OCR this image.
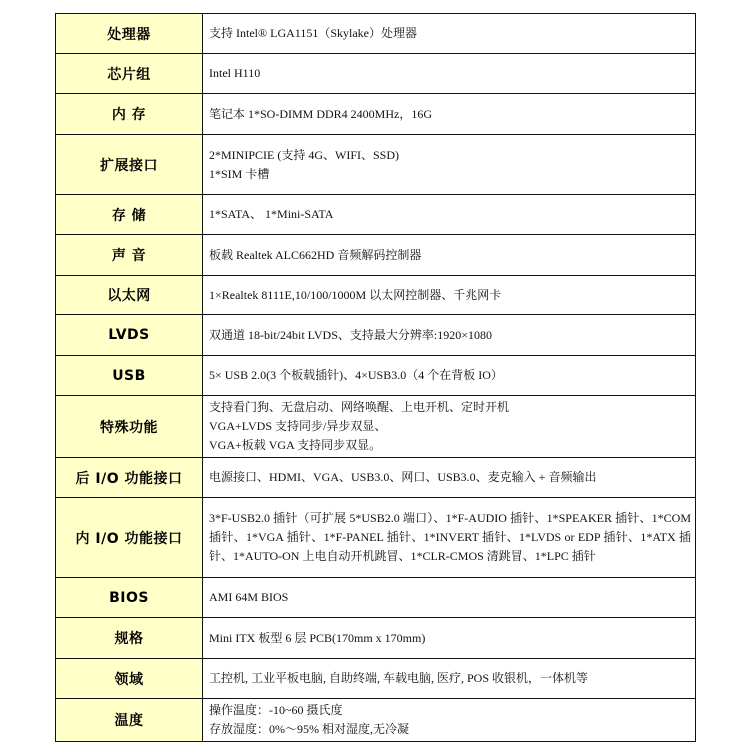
处理器	支持 Intel® LGA1151（Skylake）处理器

芯片组	Intel H110

内 存	笔记本 1*SO-DIMM DDR4 2400MHz，16G

扩展接口	2*MINIPCIE (支持 4G、WIFI、SSD)
1*SIM 卡槽

存 储	1*SATA、 1*Mini-SATA

声 音	板载 Realtek ALC662HD 音频解码控制器

以太网	1×Realtek 8111E,10/100/1000M 以太网控制器、千兆网卡

LVDS	双通道 18-bit/24bit LVDS、支持最大分辨率:1920×1080

USB	5× USB 2.0(3 个板载插针)、4×USB3.0（4 个在背板 IO）

特殊功能	支持看门狗、无盘启动、网络唤醒、上电开机、定时开机
VGA+LVDS 支持同步/异步双显、
VGA+板载 VGA 支持同步双显。

后 I/O 功能接口	电源接口、HDMI、VGA、USB3.0、网口、USB3.0、麦克输入 + 音频输出

内 I/O 功能接口	3*F-USB2.0 插针（可扩展 5*USB2.0 端口）、1*F-AUDIO 插针、1*SPEAKER 插针、1*COM 插针、1*VGA 插针、1*F-PANEL 插针、1*INVERT 插针、1*LVDS or EDP 插针、1*ATX 插针、1*AUTO-ON 上电自动开机跳冒、1*CLR-CMOS 清跳冒、1*LPC 插针

BIOS	AMI 64M BIOS

规格	Mini ITX 板型 6 层 PCB(170mm x 170mm)

领域	工控机, 工业平板电脑, 自助终端, 车载电脑, 医疗, POS 收银机，一体机等

温度	操作温度：-10~60 摄氏度
存放湿度：0%～95% 相对湿度,无冷凝
